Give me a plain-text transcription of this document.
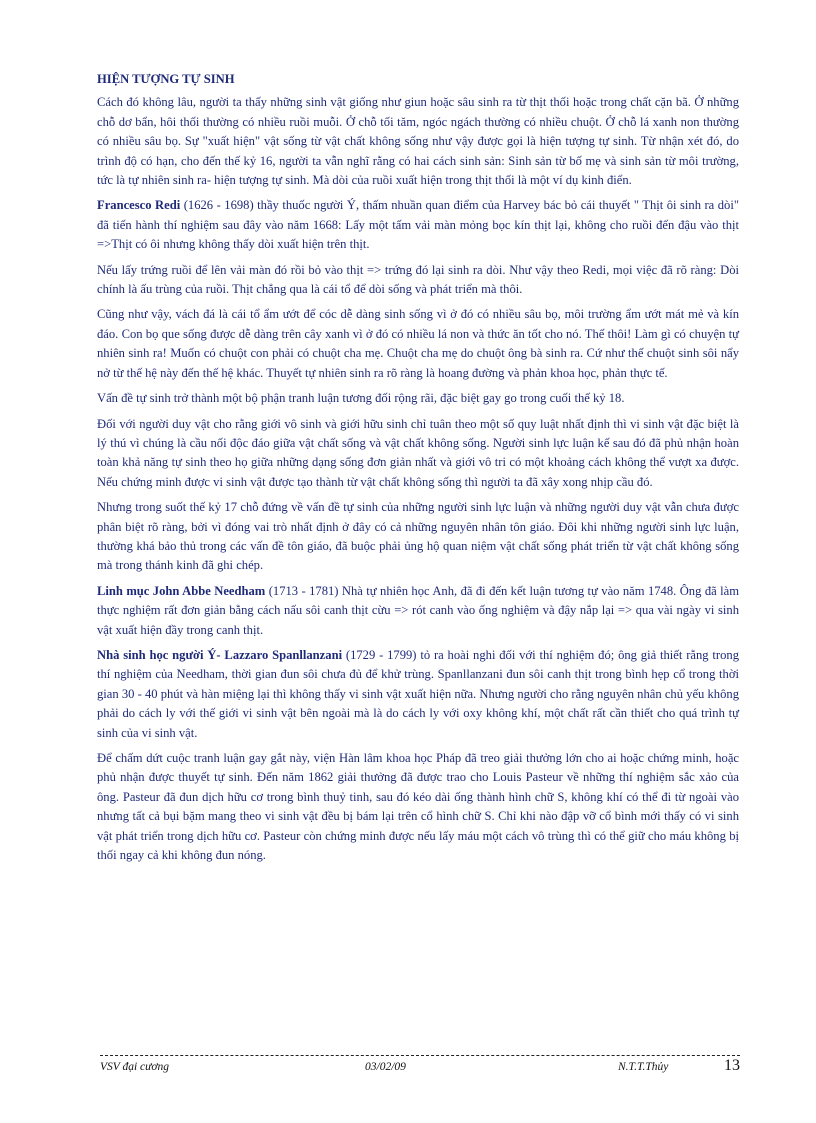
HIỆN TƯỢNG TỰ SINH
Cách đó không lâu, người ta thấy những sinh vật giống như giun hoặc sâu sinh ra từ thịt thối hoặc trong chất cặn bã. Ở những chỗ dơ bẩn, hôi thối thường có nhiều ruồi muỗi. Ở chỗ tối tăm, ngóc ngách thường có nhiều chuột. Ở chỗ lá xanh non thường có nhiều sâu bọ. Sự "xuất hiện" vật sống từ vật chất không sống như vậy được gọi là hiện tượng tự sinh. Từ nhận xét đó, do trình độ có hạn, cho đến thế kỷ 16, người ta vẫn nghĩ rằng có hai cách sinh sản: Sinh sản từ bố mẹ và sinh sản từ môi trường, tức là tự nhiên sinh ra- hiện tượng tự sinh. Mà dòi của ruồi xuất hiện trong thịt thối là một ví dụ kinh điển.
Francesco Redi (1626 - 1698) thầy thuốc người Ý, thấm nhuần quan điểm của Harvey bác bỏ cái thuyết " Thịt ôi sinh ra dòi" đã tiến hành thí nghiệm sau đây vào năm 1668: Lấy một tấm vải màn mỏng bọc kín thịt lại, không cho ruồi đến đậu vào thịt =>Thịt có ôi nhưng không thấy dòi xuất hiện trên thịt.
Nếu lấy trứng ruồi để lên vải màn đó rồi bỏ vào thịt => trứng đó lại sinh ra dòi. Như vậy theo Redi, mọi việc đã rõ ràng: Dòi chính là ấu trùng của ruồi. Thịt chẳng qua là cái tổ để dòi sống và phát triển mà thôi.
Cũng như vậy, vách đá là cái tổ ẩm ướt để cóc dễ dàng sinh sống vì ở đó có nhiều sâu bọ, môi trường ẩm ướt mát mẻ và kín đáo. Con bọ que sống được dễ dàng trên cây xanh vì ở đó có nhiều lá non và thức ăn tốt cho nó. Thế thôi! Làm gì có chuyện tự nhiên sinh ra! Muốn có chuột con phải có chuột cha mẹ. Chuột cha mẹ do chuột ông bà sinh ra. Cứ như thế chuột sinh sôi nẩy nở từ thế hệ này đến thế hệ khác. Thuyết tự nhiên sinh ra rõ ràng là hoang đường và phản khoa học, phản thực tế.
Vấn đề tự sinh trở thành một bộ phận tranh luận tương đối rộng rãi, đặc biệt gay go trong cuối thế kỷ 18.
Đối với người duy vật cho rằng giới vô sinh và giới hữu sinh chỉ tuân theo một số quy luật nhất định thì vi sinh vật đặc biệt là lý thú vì chúng là cầu nối độc đáo giữa vật chất sống và vật chất không sống. Người sinh lực luận kế sau đó đã phủ nhận hoàn toàn khả năng tự sinh theo họ giữa những dạng sống đơn giản nhất và giới vô tri có một khoảng cách không thể vượt xa được. Nếu chứng minh được vi sinh vật được tạo thành từ vật chất không sống thì người ta đã xây xong nhịp cầu đó.
Nhưng trong suốt thế kỷ 17 chỗ đứng về vấn đề tự sinh của những người sinh lực luận và những người duy vật vẫn chưa được phân biệt rõ ràng, bởi vì đóng vai trò nhất định ở đây có cả những nguyên nhân tôn giáo. Đôi khi những người sinh lực luận, thường khá bảo thủ trong các vấn đề tôn giáo, đã buộc phải ủng hộ quan niệm vật chất sống phát triển từ vật chất không sống mà trong thánh kinh đã ghi chép.
Linh mục John Abbe Needham (1713 - 1781) Nhà tự nhiên học Anh, đã đi đến kết luận tương tự vào năm 1748. Ông đã làm thực nghiệm rất đơn giản bằng cách nấu sôi canh thịt cừu => rót canh vào ống nghiệm và đậy nắp lại => qua vài ngày vi sinh vật xuất hiện đầy trong canh thịt.
Nhà sinh học người Ý- Lazzaro Spanllanzani (1729 - 1799) tỏ ra hoài nghi đối với thí nghiệm đó; ông giả thiết rằng trong thí nghiệm của Needham, thời gian đun sôi chưa đủ để khử trùng. Spanllanzani đun sôi canh thịt trong bình hẹp cổ trong thời gian 30 - 40 phút và hàn miệng lại thì không thấy vi sinh vật xuất hiện nữa. Nhưng người cho rằng nguyên nhân chủ yếu không phải do cách ly với thế giới vi sinh vật bên ngoài mà là do cách ly với oxy không khí, một chất rất cần thiết cho quá trình tự sinh của vi sinh vật.
Để chấm dứt cuộc tranh luận gay gắt này, viện Hàn lâm khoa học Pháp đã treo giải thưởng lớn cho ai hoặc chứng minh, hoặc phủ nhận được thuyết tự sinh. Đến năm 1862 giải thưởng đã được trao cho Louis Pasteur về những thí nghiệm sắc xảo của ông. Pasteur đã đun dịch hữu cơ trong bình thuỷ tinh, sau đó kéo dài ống thành hình chữ S, không khí có thể đi từ ngoài vào nhưng tất cả bụi bặm mang theo vi sinh vật đều bị bám lại trên cổ hình chữ S. Chỉ khi nào đập vỡ cổ bình mới thấy có vi sinh vật phát triển trong dịch hữu cơ. Pasteur còn chứng minh được nếu lấy máu một cách vô trùng thì có thể giữ cho máu không bị thối ngay cả khi không đun nóng.
VSV đại cương	03/02/09	N.T.T.Thủy	13
